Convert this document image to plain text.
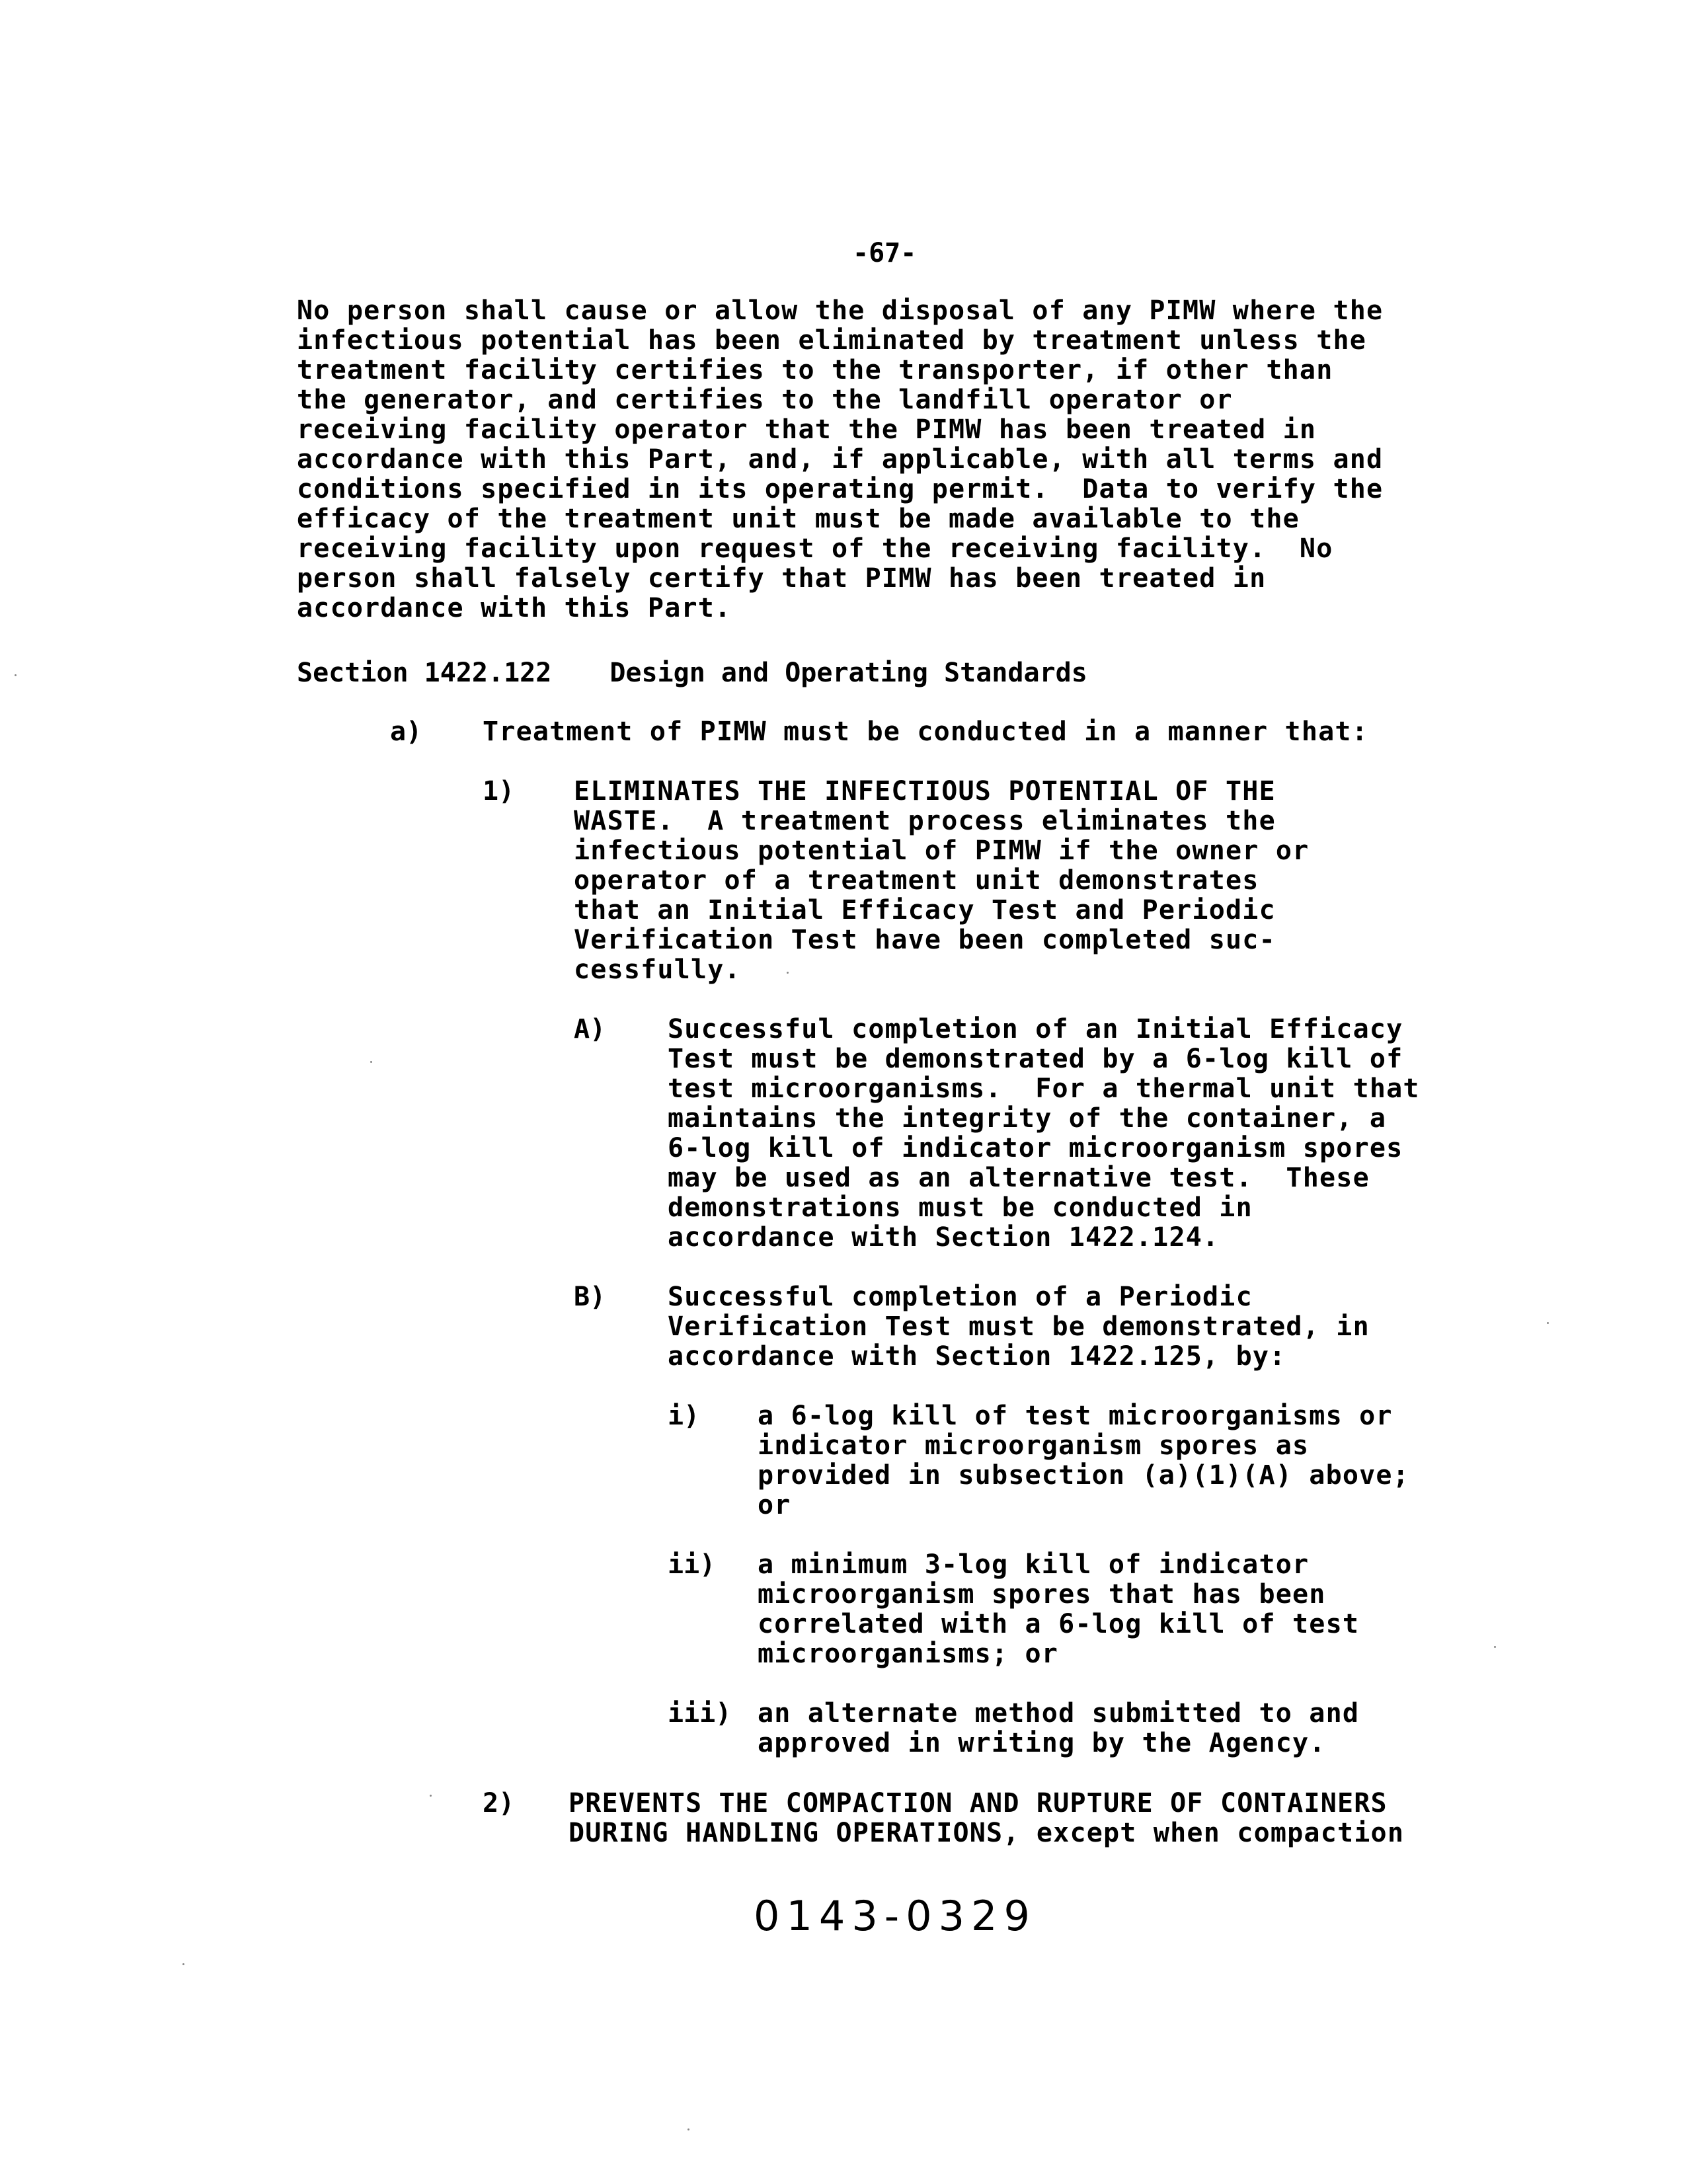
-67-
No person shall cause or allow the disposal of any PIMW where the
infectious potential has been eliminated by treatment unless the
treatment facility certifies to the transporter, if other than
the generator, and certifies to the landfill operator or
receiving facility operator that the PIMW has been treated in
accordance with this Part, and, if applicable, with all terms and
conditions specified in its operating permit.  Data to verify the
efficacy of the treatment unit must be made available to the
receiving facility upon request of the receiving facility.  No
person shall falsely certify that PIMW has been treated in
accordance with this Part.
Section 1422.122 Design and Operating Standards
a) Treatment of PIMW must be conducted in a manner that:
1) ELIMINATES THE INFECTIOUS POTENTIAL OF THE
WASTE.  A treatment process eliminates the
infectious potential of PIMW if the owner or
operator of a treatment unit demonstrates
that an Initial Efficacy Test and Periodic
Verification Test have been completed suc-
cessfully.
A) Successful completion of an Initial Efficacy
Test must be demonstrated by a 6-log kill of
test microorganisms.  For a thermal unit that
maintains the integrity of the container, a
6-log kill of indicator microorganism spores
may be used as an alternative test.  These
demonstrations must be conducted in
accordance with Section 1422.124.
B) Successful completion of a Periodic
Verification Test must be demonstrated, in
accordance with Section 1422.125, by:
i) a 6-log kill of test microorganisms or
indicator microorganism spores as
provided in subsection (a)(1)(A) above;
or
ii) a minimum 3-log kill of indicator
microorganism spores that has been
correlated with a 6-log kill of test
microorganisms; or
iii) an alternate method submitted to and
approved in writing by the Agency.
2) PREVENTS THE COMPACTION AND RUPTURE OF CONTAINERS
DURING HANDLING OPERATIONS, except when compaction
0143-0329
